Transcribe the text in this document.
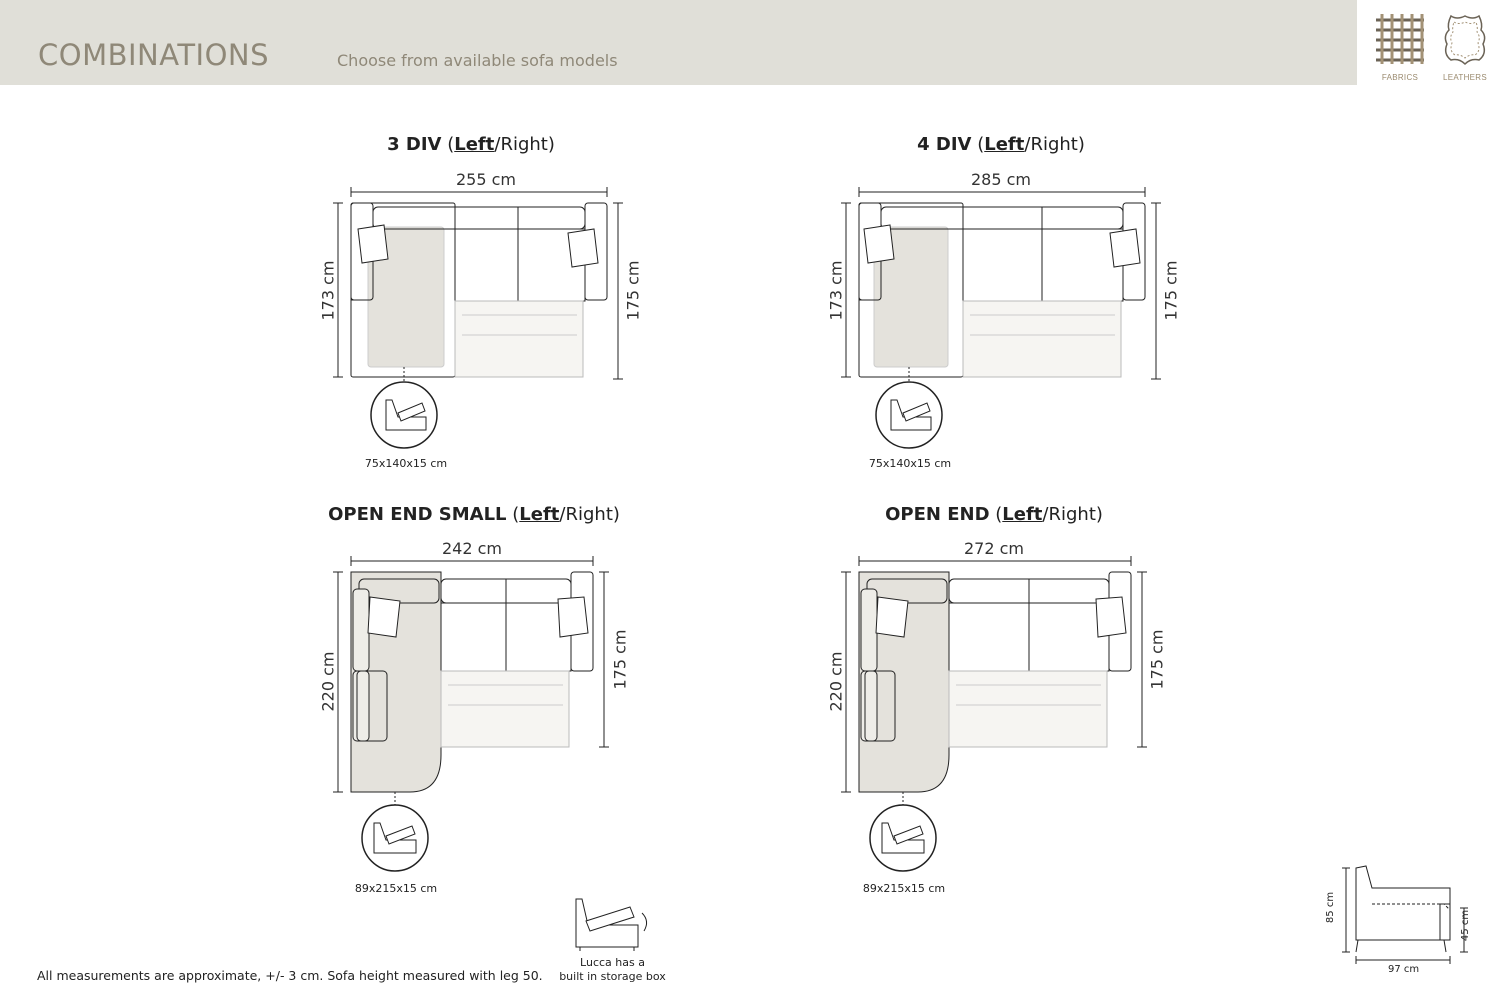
COMBINATIONS	Choose from available sofa models
FABRICS	LEATHERS
3 DIV (Left/Right)
255 cm
173 cm	175 cm
75x140x15 cm
4 DIV (Left/Right)
285 cm
173 cm	175 cm
75x140x15 cm
OPEN END SMALL (Left/Right)
242 cm
220 cm	175 cm
89x215x15 cm
OPEN END (Left/Right)
272 cm
220 cm	175 cm
89x215x15 cm
Lucca has a
built in storage box
85 cm
45 cm
97 cm
All measurements are approximate, +/- 3 cm. Sofa height measured with leg 50.
